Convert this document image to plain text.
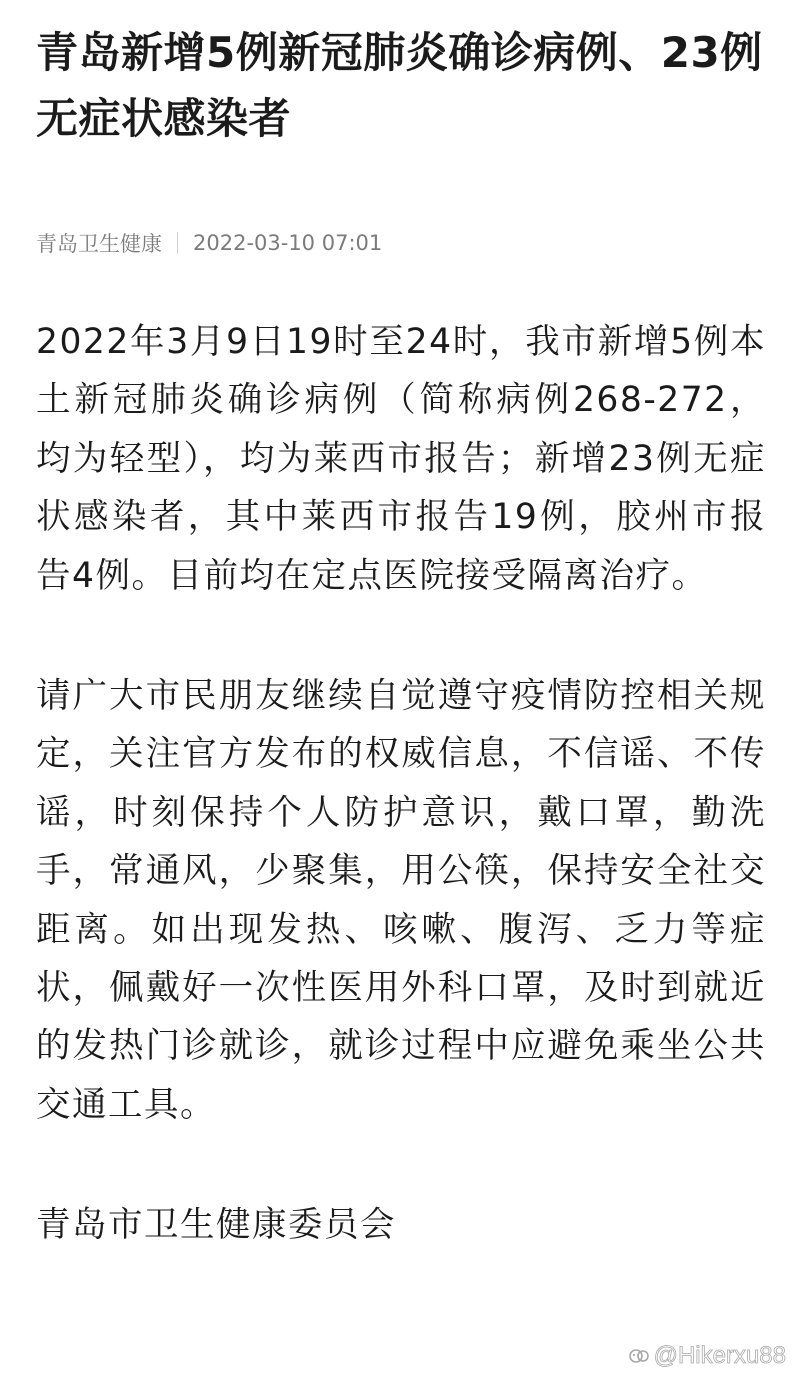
青岛新增5例新冠肺炎确诊病例、23例无症状感染者
青岛卫生健康 2022-03-10 07:01

2022年3月9日19时至24时，我市新增5例本土新冠肺炎确诊病例（简称病例268-272，均为轻型），均为莱西市报告；新增23例无症状感染者，其中莱西市报告19例，胶州市报告4例。目前均在定点医院接受隔离治疗。

请广大市民朋友继续自觉遵守疫情防控相关规定，关注官方发布的权威信息，不信谣、不传谣，时刻保持个人防护意识，戴口罩，勤洗手，常通风，少聚集，用公筷，保持安全社交距离。如出现发热、咳嗽、腹泻、乏力等症状，佩戴好一次性医用外科口罩，及时到就近的发热门诊就诊，就诊过程中应避免乘坐公共交通工具。

青岛市卫生健康委员会

@Hikerxu88
